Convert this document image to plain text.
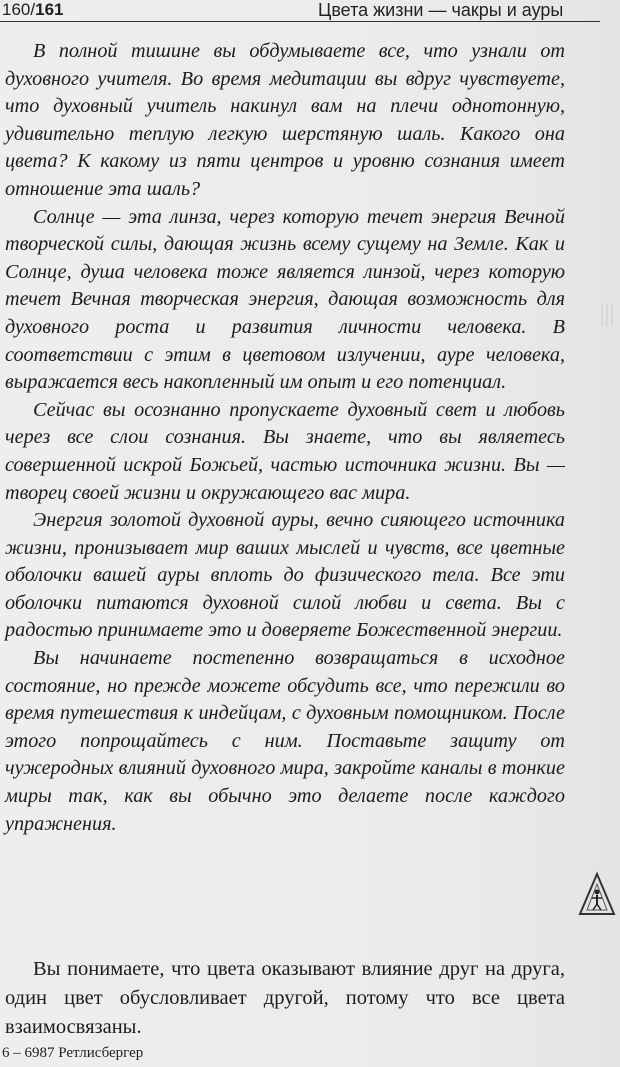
160/161	Цвета жизни — чакры и ауры

В полной тишине вы обдумываете все, что узнали от духовного учителя. Во время медитации вы вдруг чувствуете, что духовный учитель накинул вам на плечи однотонную, удивительно теплую легкую шерстяную шаль. Какого она цвета? К какому из пяти центров и уровню сознания имеет отношение эта шаль?

Солнце — эта линза, через которую течет энергия Вечной творческой силы, дающая жизнь всему сущему на Земле. Как и Солнце, душа человека тоже является линзой, через которую течет Вечная творческая энергия, дающая возможность для духовного роста и развития личности человека. В соответствии с этим в цветовом излучении, ауре человека, выражается весь накопленный им опыт и его потенциал.

Сейчас вы осознанно пропускаете духовный свет и любовь через все слои сознания. Вы знаете, что вы являетесь совершенной искрой Божьей, частью источника жизни. Вы — творец своей жизни и окружающего вас мира.

Энергия золотой духовной ауры, вечно сияющего источника жизни, пронизывает мир ваших мыслей и чувств, все цветные оболочки вашей ауры вплоть до физического тела. Все эти оболочки питаются духовной силой любви и света. Вы с радостью принимаете это и доверяете Божественной энергии.

Вы начинаете постепенно возвращаться в исходное состояние, но прежде можете обсудить все, что пережили во время путешествия к индейцам, с духовным помощником. После этого попрощайтесь с ним. Поставьте защиту от чужеродных влияний духовного мира, закройте каналы в тонкие миры так, как вы обычно это делаете после каждого упражнения.

Вы понимаете, что цвета оказывают влияние друг на друга, один цвет обусловливает другой, потому что все цвета взаимосвязаны.

6 – 6987 Ретлисбергер
